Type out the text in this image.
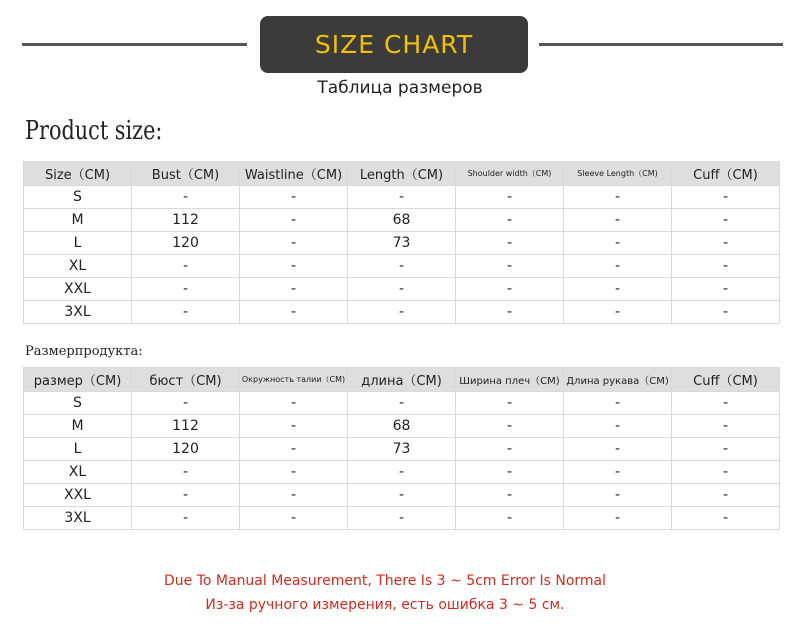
SIZE CHART
Таблица размеров
Product size:
Size（CM)	Bust（CM)	Waistline（CM)	Length（CM)	Shoulder width（CM)	Sleeve Length（CM)	Cuff（CM)
S	-	-	-	-	-	-
M	112	-	68	-	-	-
L	120	-	73	-	-	-
XL	-	-	-	-	-	-
XXL	-	-	-	-	-	-
3XL	-	-	-	-	-	-
Размерпродукта:
размер（CM)	бюст（CM)	Окружность талии（CM)	длина（CM)	Ширина плеч（CM)	Длина рукава（CM)	Cuff（CM)
S	-	-	-	-	-	-
M	112	-	68	-	-	-
L	120	-	73	-	-	-
XL	-	-	-	-	-	-
XXL	-	-	-	-	-	-
3XL	-	-	-	-	-	-
Due To Manual Measurement, There Is 3 ~ 5cm Error Is Normal
Из-за ручного измерения, есть ошибка 3 ~ 5 см.
